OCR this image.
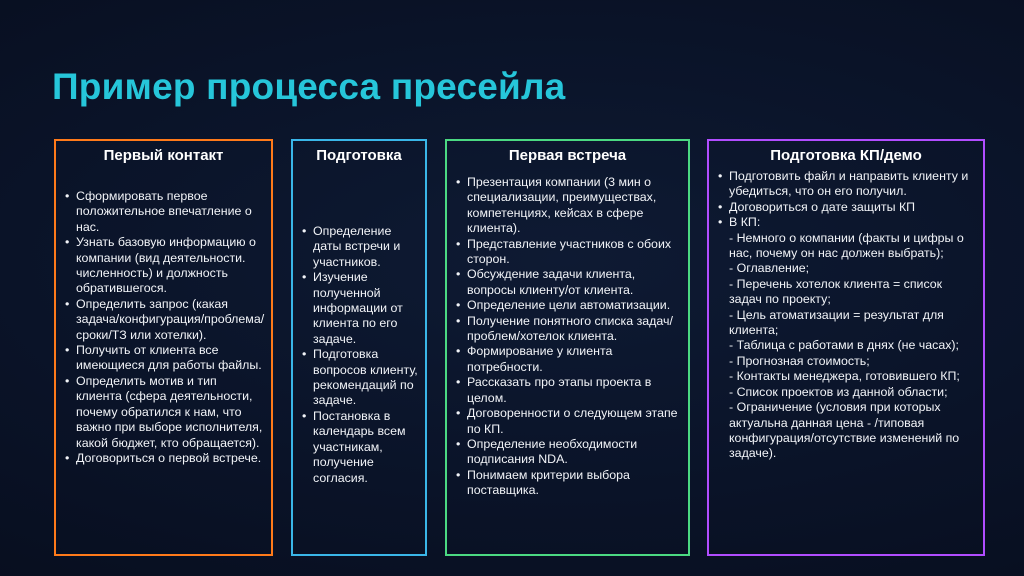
Пример процесса пресейла
Первый контакт
• Сформировать первое положительное впечатление о нас.
• Узнать базовую информацию о компании (вид деятельности. численность) и должность обратившегося.
• Определить запрос (какая задача/конфигурация/проблема/сроки/ТЗ или хотелки).
• Получить от клиента все имеющиеся для работы файлы.
• Определить мотив и тип клиента (сфера деятельности, почему обратился к нам, что важно при выборе исполнителя, какой бюджет, кто обращается).
• Договориться о первой встрече.
Подготовка
• Определение даты встречи и участников.
• Изучение полученной информации от клиента по его задаче.
• Подготовка вопросов клиенту, рекомендаций по задаче.
• Постановка в календарь всем участникам, получение согласия.
Первая встреча
• Презентация компании (3 мин о специализации, преимуществах, компетенциях, кейсах в сфере клиента).
• Представление участников с обоих сторон.
• Обсуждение задачи клиента, вопросы клиенту/от клиента.
• Определение цели автоматизации.
• Получение понятного списка задач/проблем/хотелок клиента.
• Формирование у клиента потребности.
• Рассказать про этапы проекта в целом.
• Договоренности о следующем этапе по КП.
• Определение необходимости подписания NDA.
• Понимаем критерии выбора поставщика.
Подготовка КП/демо
• Подготовить файл и направить клиенту и убедиться, что он его получил.
• Договориться о дате защиты КП
• В КП:
- Немного о компании (факты и цифры о нас, почему он нас должен выбрать);
- Оглавление;
- Перечень хотелок клиента = список задач по проекту;
- Цель атоматизации = результат для клиента;
- Таблица с работами в днях (не часах);
- Прогнозная стоимость;
- Контакты менеджера, готовившего КП;
- Список проектов из данной области;
- Ограничение (условия при которых актуальна данная цена - /типовая конфигурация/отсутствие изменений по задаче).
